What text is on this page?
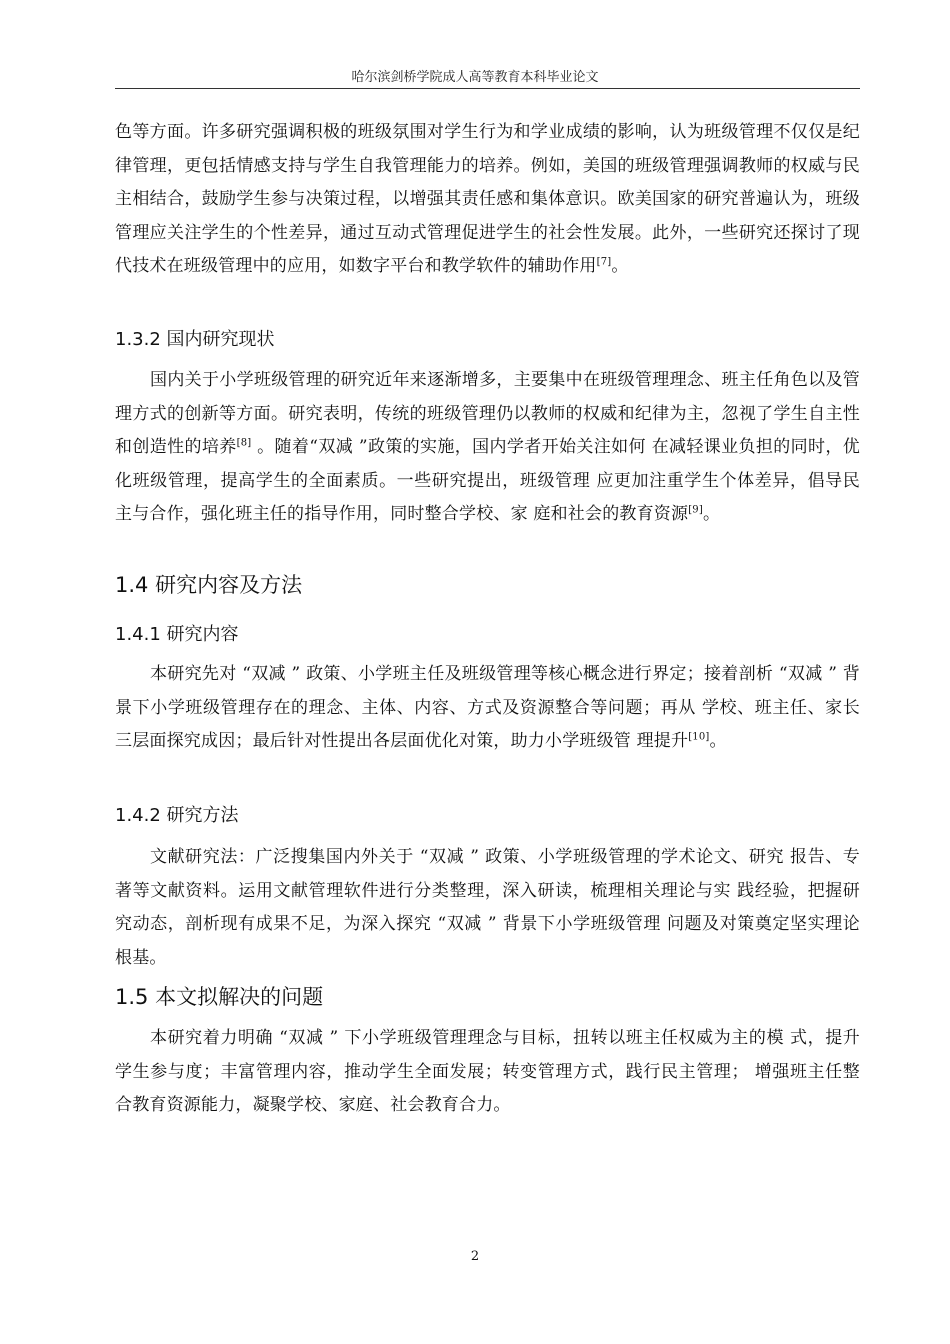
哈尔滨剑桥学院成人高等教育本科毕业论文

色等方面。许多研究强调积极的班级氛围对学生行为和学业成绩的影响，认为班级管理不仅仅是纪律管理，更包括情感支持与学生自我管理能力的培养。例如，美国的班级管理强调教师的权威与民主相结合，鼓励学生参与决策过程，以增强其责任感和集体意识。欧美国家的研究普遍认为，班级管理应关注学生的个性差异，通过互动式管理促进学生的社会性发展。此外，一些研究还探讨了现代技术在班级管理中的应用，如数字平台和教学软件的辅助作用[7]。

1.3.2 国内研究现状

国内关于小学班级管理的研究近年来逐渐增多，主要集中在班级管理理念、班主任角色以及管理方式的创新等方面。研究表明，传统的班级管理仍以教师的权威和纪律为主，忽视了学生自主性和创造性的培养[8] 。随着“双减 ”政策的实施，国内学者开始关注如何 在减轻课业负担的同时，优化班级管理，提高学生的全面素质。一些研究提出，班级管理 应更加注重学生个体差异，倡导民主与合作，强化班主任的指导作用，同时整合学校、家 庭和社会的教育资源[9]。

1.4 研究内容及方法

1.4.1 研究内容

本研究先对 “双减 ” 政策、小学班主任及班级管理等核心概念进行界定；接着剖析 “双减 ” 背景下小学班级管理存在的理念、主体、内容、方式及资源整合等问题；再从 学校、班主任、家长三层面探究成因；最后针对性提出各层面优化对策，助力小学班级管 理提升[10]。

1.4.2 研究方法

文献研究法：广泛搜集国内外关于 “双减 ” 政策、小学班级管理的学术论文、研究 报告、专著等文献资料。运用文献管理软件进行分类整理，深入研读，梳理相关理论与实 践经验，把握研究动态，剖析现有成果不足，为深入探究 “双减 ” 背景下小学班级管理 问题及对策奠定坚实理论根基。

1.5 本文拟解决的问题

本研究着力明确 “双减 ” 下小学班级管理理念与目标，扭转以班主任权威为主的模 式，提升学生参与度；丰富管理内容，推动学生全面发展；转变管理方式，践行民主管理； 增强班主任整合教育资源能力，凝聚学校、家庭、社会教育合力。

2
